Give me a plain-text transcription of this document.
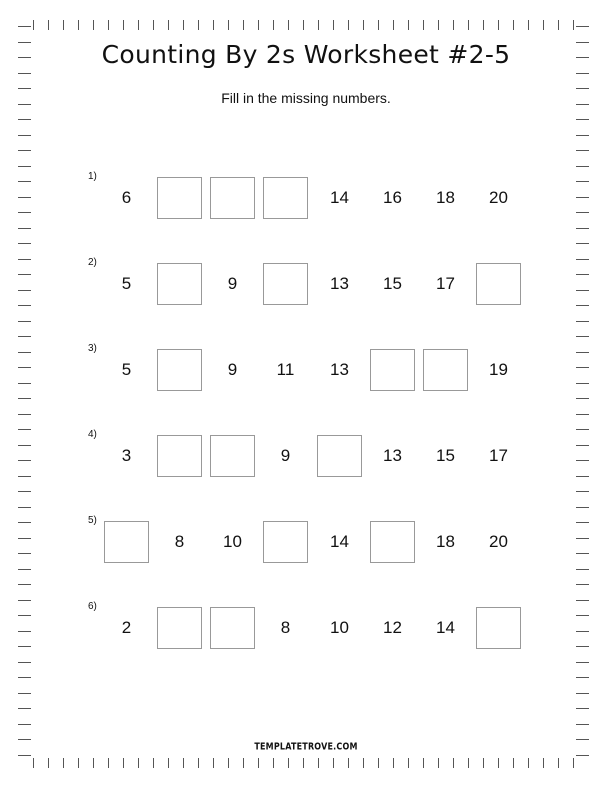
Counting By 2s Worksheet #2-5
Fill in the missing numbers.
1)
6	14	16	18	20
2)
5	9	13	15	17
3)
5	9	11	13	19
4)
3	9	13	15	17
5)
8	10	14	18	20
6)
2	8	10	12	14
TEMPLATETROVE.COM
